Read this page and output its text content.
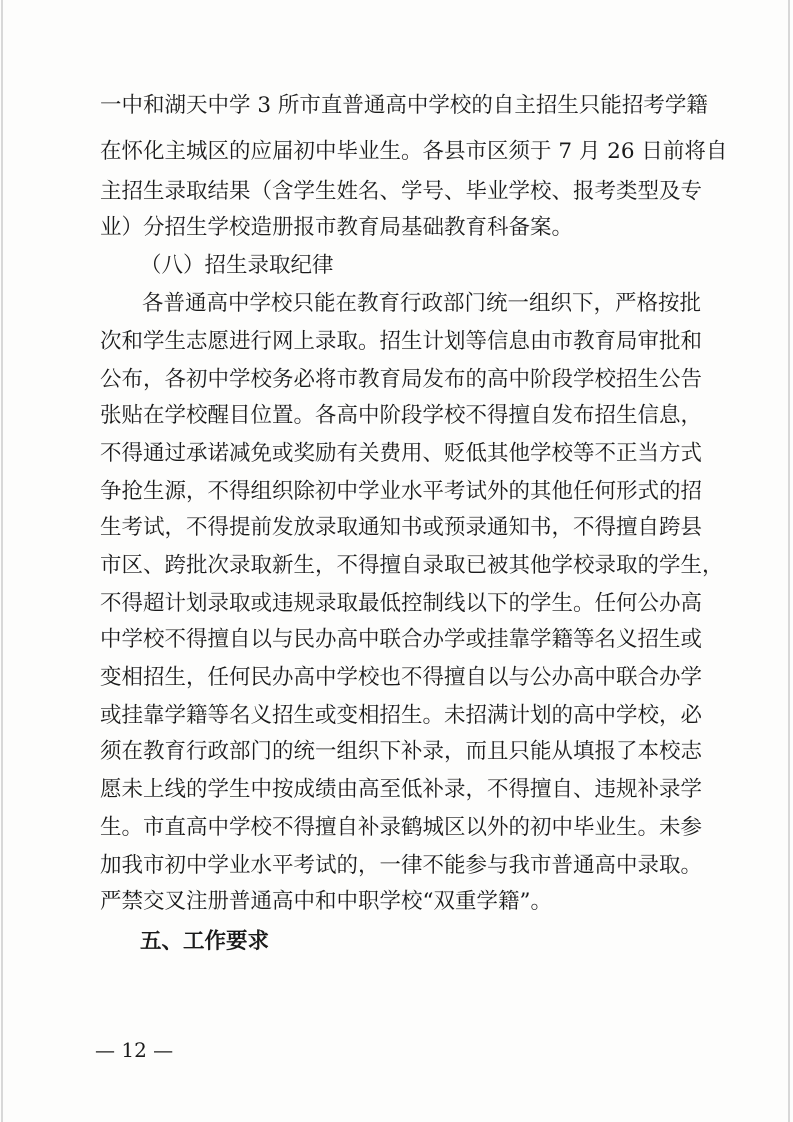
一中和湖天中学 3 所市直普通高中学校的自主招生只能招考学籍
在怀化主城区的应届初中毕业生。各县市区须于 7 月 26 日前将自
主招生录取结果（含学生姓名、学号、毕业学校、报考类型及专
业）分招生学校造册报市教育局基础教育科备案。
（八）招生录取纪律
各普通高中学校只能在教育行政部门统一组织下，严格按批
次和学生志愿进行网上录取。招生计划等信息由市教育局审批和
公布，各初中学校务必将市教育局发布的高中阶段学校招生公告
张贴在学校醒目位置。各高中阶段学校不得擅自发布招生信息，
不得通过承诺减免或奖励有关费用、贬低其他学校等不正当方式
争抢生源，不得组织除初中学业水平考试外的其他任何形式的招
生考试，不得提前发放录取通知书或预录通知书，不得擅自跨县
市区、跨批次录取新生，不得擅自录取已被其他学校录取的学生，
不得超计划录取或违规录取最低控制线以下的学生。任何公办高
中学校不得擅自以与民办高中联合办学或挂靠学籍等名义招生或
变相招生，任何民办高中学校也不得擅自以与公办高中联合办学
或挂靠学籍等名义招生或变相招生。未招满计划的高中学校，必
须在教育行政部门的统一组织下补录，而且只能从填报了本校志
愿未上线的学生中按成绩由高至低补录，不得擅自、违规补录学
生。市直高中学校不得擅自补录鹤城区以外的初中毕业生。未参
加我市初中学业水平考试的，一律不能参与我市普通高中录取。
严禁交叉注册普通高中和中职学校“双重学籍”。
五、工作要求
— 12 —
